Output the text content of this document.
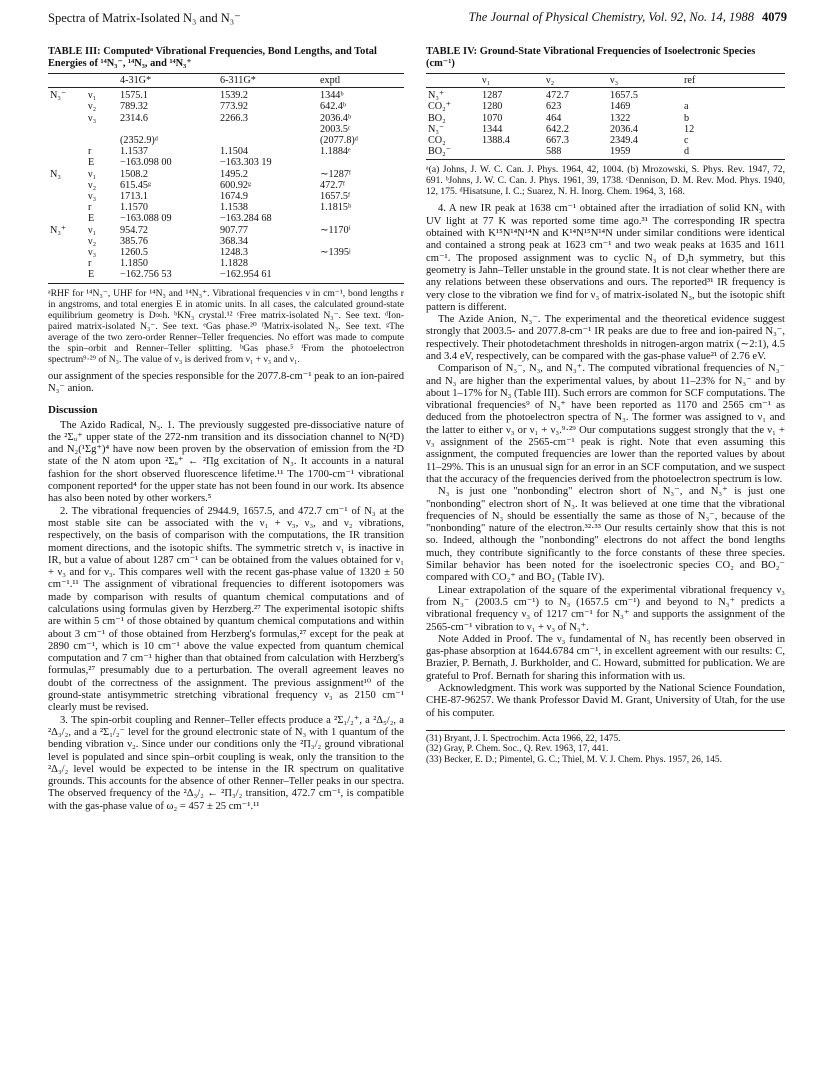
Spectra of Matrix-Isolated N₃ and N₃⁻	The Journal of Physical Chemistry, Vol. 92, No. 14, 1988 4079
TABLE III: Computedᵃ Vibrational Frequencies, Bond Lengths, and Total Energies of ¹⁴N₃⁻, ¹⁴N₃, and ¹⁴N₃⁺
		4-31G*	6-311G*	exptl
N₃⁻	ν₁	1575.1	1539.2	1344ᵇ
	ν₂	789.32	773.92	642.4ᵇ
	ν₃	2314.6	2266.3	2036.4ᵇ
				2003.5ᶜ
		(2352.9)ᵈ		(2077.8)ᵈ
	r	1.1537	1.1504	1.1884ᵉ
	E	−163.098 00	−163.303 19	
N₃	ν₁	1508.2	1495.2	∼1287ᶠ
	ν₂	615.45ᵍ	600.92ᵍ	472.7ᶠ
	ν₃	1713.1	1674.9	1657.5ᶠ
	r	1.1570	1.1538	1.1815ʰ
	E	−163.088 09	−163.284 68	
N₃⁺	ν₁	954.72	907.77	∼1170ⁱ
	ν₂	385.76	368.34	
	ν₃	1260.5	1248.3	∼1395ʲ
	r	1.1850	1.1828	
	E	−162.756 53	−162.954 61	
ᵃRHF for ¹⁴N₃⁻, UHF for ¹⁴N₃ and ¹⁴N₃⁺. Vibrational frequencies ν in cm⁻¹, bond lengths r in angstroms, and total energies E in atomic units. In all cases, the calculated ground-state equilibrium geometry is D∞h. ᵇKN₃ crystal.¹² ᶜFree matrix-isolated N₃⁻. See text. ᵈIon-paired matrix-isolated N₃⁻. See text. ᵉGas phase.²⁰ ᶠMatrix-isolated N₃. See text. ᵍThe average of the two zero-order Renner–Teller frequencies. No effort was made to compute the spin–orbit and Renner–Teller splitting. ʰGas phase.⁵ ⁱFrom the photoelectron spectrum⁹·²⁹ of N₃. The value of ν₃ is derived from ν₁ + ν₃ and ν₁.

our assignment of the species responsible for the 2077.8-cm⁻¹ peak to an ion-paired N₃⁻ anion.

Discussion

The Azido Radical, N₃. 1. The previously suggested pre-dissociative nature of the ²Σᵤ⁺ upper state of the 272-nm transition and its dissociation channel to N(²D) and N₂(¹Σg⁺)⁴ have now been proven by the observation of emission from the ²D state of the N atom upon ²Σᵤ⁺ ← ²Πg excitation of N₃. It accounts in a natural fashion for the short observed fluorescence lifetime.¹¹ The 1700-cm⁻¹ vibrational component reported⁴ for the upper state has not been found in our work. Its absence has also been noted by other workers.⁵

2. The vibrational frequencies of 2944.9, 1657.5, and 472.7 cm⁻¹ of N₃ at the most stable site can be associated with the ν₁ + ν₃, ν₃, and ν₂ vibrations, respectively, on the basis of comparison with the computations, the IR transition moment directions, and the isotopic shifts. The symmetric stretch ν₁ is inactive in IR, but a value of about 1287 cm⁻¹ can be obtained from the values obtained for ν₁ + ν₃ and for ν₃. This compares well with the recent gas-phase value of 1320 ± 50 cm⁻¹.¹¹ The assignment of vibrational frequencies to different isotopomers was made by comparison with results of quantum chemical computations and of calculations using formulas given by Herzberg.²⁷ The experimental isotopic shifts are within 5 cm⁻¹ of those obtained by quantum chemical computations and within about 3 cm⁻¹ of those obtained from Herzberg's formulas,²⁷ except for the peak at 2890 cm⁻¹, which is 10 cm⁻¹ above the value expected from quantum chemical computation and 7 cm⁻¹ higher than that obtained from calculation with Herzberg's formulas,²⁷ presumably due to a perturbation. The overall agreement leaves no doubt of the correctness of the assignment. The previous assignment¹⁰ of the ground-state antisymmetric stretching vibrational frequency ν₃ as 2150 cm⁻¹ clearly must be revised.

3. The spin-orbit coupling and Renner–Teller effects produce a ²Σ₁/₂⁺, a ²Δ₅/₂, a ²Δ₃/₂, and a ²Σ₁/₂⁻ level for the ground electronic state of N₃ with 1 quantum of the bending vibration ν₂. Since under our conditions only the ²Π₃/₂ ground vibrational level is populated and since spin–orbit coupling is weak, only the transition to the ²Δ₃/₂ level would be expected to be intense in the IR spectrum on qualitative grounds. This accounts for the absence of other Renner–Teller peaks in our spectra. The observed frequency of the ²Δ₃/₂ ← ²Π₃/₂ transition, 472.7 cm⁻¹, is compatible with the gas-phase value of ω₂ = 457 ± 25 cm⁻¹.¹¹

TABLE IV: Ground-State Vibrational Frequencies of Isoelectronic Species (cm⁻¹)
	ν₁	ν₂	ν₃	ref
N₃⁺	1287	472.7	1657.5	
CO₂⁺	1280	623	1469	a
BO₂	1070	464	1322	b
N₃⁻	1344	642.2	2036.4	12
CO₂	1388.4	667.3	2349.4	c
BO₂⁻		588	1959	d
ᵃ(a) Johns, J. W. C. Can. J. Phys. 1964, 42, 1004. (b) Mrozowski, S. Phys. Rev. 1947, 72, 691. ᵇJohns, J. W. C. Can. J. Phys. 1961, 39, 1738. ᶜDennison, D. M. Rev. Mod. Phys. 1940, 12, 175. ᵈHisatsune, I. C.; Suarez, N. H. Inorg. Chem. 1964, 3, 168.

4. A new IR peak at 1638 cm⁻¹ obtained after the irradiation of solid KN₃ with UV light at 77 K was reported some time ago.³¹ The corresponding IR spectra obtained with K¹⁵N¹⁴N¹⁴N and K¹⁴N¹⁵N¹⁴N under similar conditions were identical and contained a strong peak at 1623 cm⁻¹ and two weak peaks at 1635 and 1611 cm⁻¹. The proposed assignment was to cyclic N₃ of D₃h symmetry, but this geometry is Jahn–Teller unstable in the ground state. It is not clear whether there are any relations between these observations and ours. The reported³¹ IR frequency is very close to the vibration we find for ν₃ of matrix-isolated N₃, but the isotopic shift pattern is different.

The Azide Anion, N₃⁻. The experimental and the theoretical evidence suggest strongly that 2003.5- and 2077.8-cm⁻¹ IR peaks are due to free and ion-paired N₃⁻, respectively. Their photodetachment thresholds in nitrogen-argon matrix (∼2:1), 4.5 and 3.4 eV, respectively, can be compared with the gas-phase value²¹ of 2.76 eV.

Comparison of N₃⁻, N₃, and N₃⁺. The computed vibrational frequencies of N₃⁻ and N₃ are higher than the experimental values, by about 11–23% for N₃⁻ and by about 1–17% for N₃ (Table III). Such errors are common for SCF computations. The vibrational frequencies⁹ of N₃⁺ have been reported as 1170 and 2565 cm⁻¹ as deduced from the photoelectron spectra of N₃. The former was assigned to ν₁ and the latter to either ν₃ or ν₁ + ν₃.⁹·²⁹ Our computations suggest strongly that the ν₁ + ν₃ assignment of the 2565-cm⁻¹ peak is right. Note that even assuming this assignment, the computed frequencies are lower than the reported values by about 11–29%. This is an unusual sign for an error in an SCF computation, and we suspect that the accuracy of the frequencies derived from the photoelectron spectrum is low.

N₃ is just one "nonbonding" electron short of N₃⁻, and N₃⁺ is just one "nonbonding" electron short of N₃. It was believed at one time that the vibrational frequencies of N₃ should be essentially the same as those of N₃⁻, because of the "nonbonding" nature of the electron.³²·³³ Our results certainly show that this is not so. Indeed, although the "nonbonding" electrons do not affect the bond lengths much, they contribute significantly to the force constants of these three species. Similar behavior has been noted for the isoelectronic species CO₂ and BO₂⁻ compared with CO₂⁺ and BO₂ (Table IV).

Linear extrapolation of the square of the experimental vibrational frequency ν₃ from N₃⁻ (2003.5 cm⁻¹) to N₃ (1657.5 cm⁻¹) and beyond to N₃⁺ predicts a vibrational frequency ν₃ of 1217 cm⁻¹ for N₃⁺ and supports the assignment of the 2565-cm⁻¹ vibration to ν₁ + ν₃ of N₃⁺.

Note Added in Proof. The ν₃ fundamental of N₃ has recently been observed in gas-phase absorption at 1644.6784 cm⁻¹, in excellent agreement with our results: C, Brazier, P. Bernath, J. Burkholder, and C. Howard, submitted for publication. We are grateful to Prof. Bernath for sharing this information with us.

Acknowledgment. This work was supported by the National Science Foundation, CHE-87-96257. We thank Professor David M. Grant, University of Utah, for the use of his computer.

(31) Bryant, J. I. Spectrochim. Acta 1966, 22, 1475.
(32) Gray, P. Chem. Soc., Q. Rev. 1963, 17, 441.
(33) Becker, E. D.; Pimentel, G. C.; Thiel, M. V. J. Chem. Phys. 1957, 26, 145.
